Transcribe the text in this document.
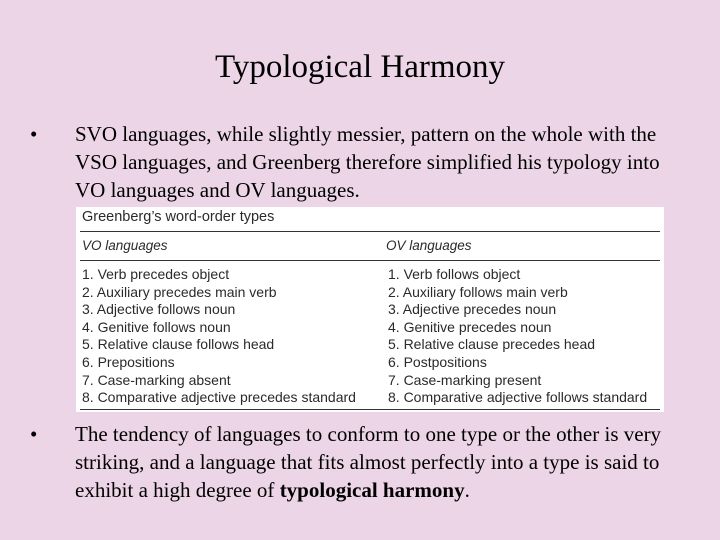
Typological Harmony
• SVO languages, while slightly messier, pattern on the whole with the VSO languages, and Greenberg therefore simplified his typology into VO languages and OV languages.
Greenberg’s word-order types
VO languages	OV languages
1. Verb precedes object
2. Auxiliary precedes main verb
3. Adjective follows noun
4. Genitive follows noun
5. Relative clause follows head
6. Prepositions
7. Case-marking absent
8. Comparative adjective precedes standard
1. Verb follows object
2. Auxiliary follows main verb
3. Adjective precedes noun
4. Genitive precedes noun
5. Relative clause precedes head
6. Postpositions
7. Case-marking present
8. Comparative adjective follows standard
• The tendency of languages to conform to one type or the other is very striking, and a language that fits almost perfectly into a type is said to exhibit a high degree of typological harmony.
